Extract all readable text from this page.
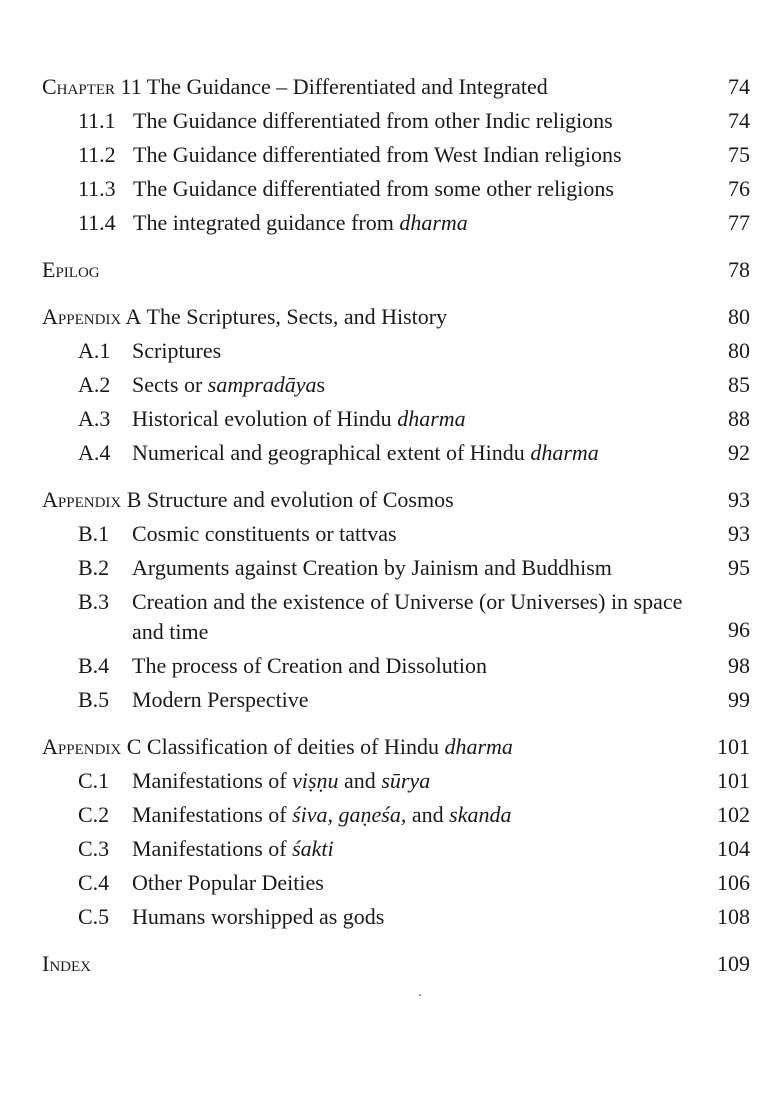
Chapter 11 The Guidance – Differentiated and Integrated	74
11.1 The Guidance differentiated from other Indic religions	74
11.2 The Guidance differentiated from West Indian religions	75
11.3 The Guidance differentiated from some other religions	76
11.4 The integrated guidance from dharma	77
Epilog	78
Appendix A The Scriptures, Sects, and History	80
A.1 Scriptures	80
A.2 Sects or sampradāyas	85
A.3 Historical evolution of Hindu dharma	88
A.4 Numerical and geographical extent of Hindu dharma	92
Appendix B Structure and evolution of Cosmos	93
B.1 Cosmic constituents or tattvas	93
B.2 Arguments against Creation by Jainism and Buddhism	95
B.3 Creation and the existence of Universe (or Universes) in space and time	96
B.4 The process of Creation and Dissolution	98
B.5 Modern Perspective	99
Appendix C Classification of deities of Hindu dharma	101
C.1 Manifestations of viṣṇu and sūrya	101
C.2 Manifestations of śiva, gaṇeśa, and skanda	102
C.3 Manifestations of śakti	104
C.4 Other Popular Deities	106
C.5 Humans worshipped as gods	108
Index	109
